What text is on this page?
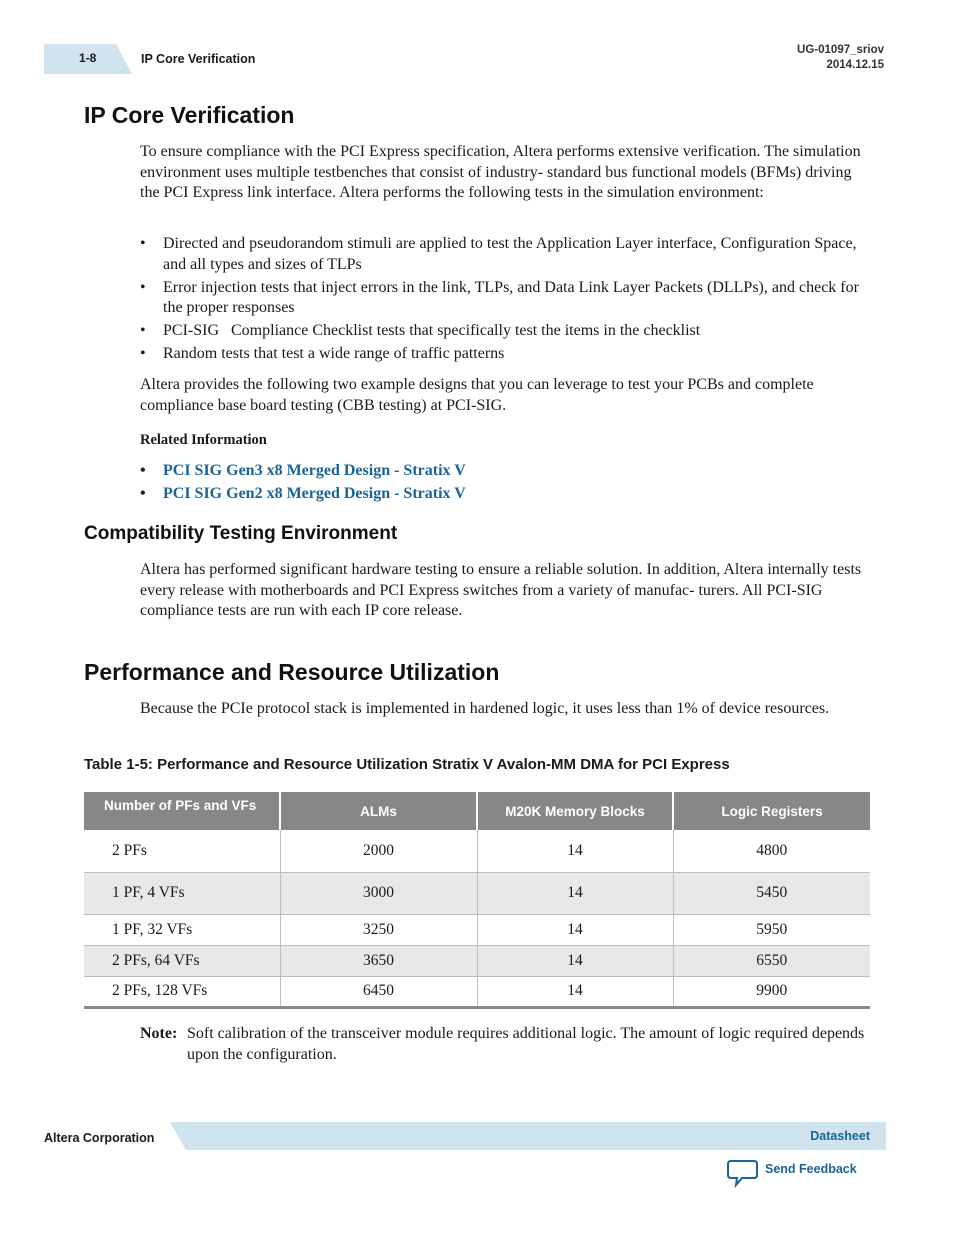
1-8	IP Core Verification
UG-01097_sriov
2014.12.15
IP Core Verification

To ensure compliance with the PCI Express specification, Altera performs extensive verification. The simulation environment uses multiple testbenches that consist of industry‑ standard bus functional models (BFMs) driving the PCI Express link interface. Altera performs the following tests in the simulation environment:

• Directed and pseudorandom stimuli are applied to test the Application Layer interface, Configuration Space, and all types and sizes of TLPs
• Error injection tests that inject errors in the link, TLPs, and Data Link Layer Packets (DLLPs), and check for the proper responses
• PCI-SIG   Compliance Checklist tests that specifically test the items in the checklist
• Random tests that test a wide range of traffic patterns

Altera provides the following two example designs that you can leverage to test your PCBs and complete compliance base board testing (CBB testing) at PCI-SIG.

Related Information
• PCI SIG Gen3 x8 Merged Design - Stratix V
• PCI SIG Gen2 x8 Merged Design - Stratix V
Compatibility Testing Environment

Altera has performed significant hardware testing to ensure a reliable solution. In addition, Altera internally tests every release with motherboards and PCI Express switches from a variety of manufac- turers. All PCI-SIG compliance tests are run with each IP core release.

Performance and Resource Utilization

Because the PCIe protocol stack is implemented in hardened logic, it uses less than 1% of device resources.

Table 1-5: Performance and Resource Utilization Stratix V Avalon-MM DMA for PCI Express
Number of PFs and VFs	ALMs	M20K Memory Blocks	Logic Registers
2 PFs	2000	14	4800
1 PF, 4 VFs	3000	14	5450
1 PF, 32 VFs	3250	14	5950
2 PFs, 64 VFs	3650	14	6550
2 PFs, 128 VFs	6450	14	9900
Note: Soft calibration of the transceiver module requires additional logic. The amount of logic required depends upon the configuration.
Altera Corporation	Datasheet
Send Feedback
